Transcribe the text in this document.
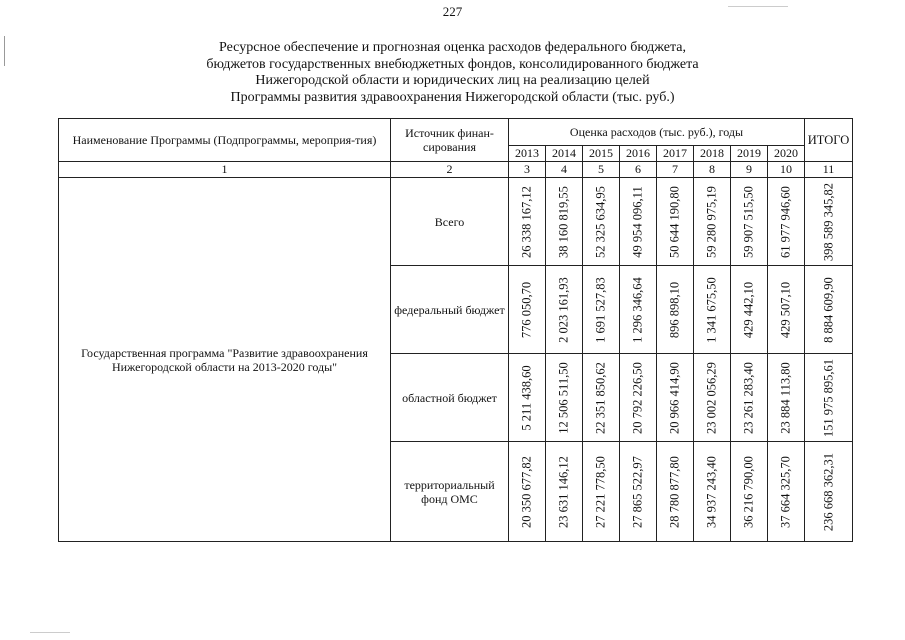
227
Ресурсное обеспечение и прогнозная оценка расходов федерального бюджета,
бюджетов государственных внебюджетных фондов, консолидированного бюджета
Нижегородской области и юридических лиц на реализацию целей
Программы развития здравоохранения Нижегородской области (тыс. руб.)
Наименование Программы (Подпрограммы, мероприя-тия)	Источник финан-сирования	Оценка расходов (тыс. руб.), годы								ИТОГО
		2013	2014	2015	2016	2017	2018	2019	2020	
1	2	3	4	5	6	7	8	9	10	11
Государственная программа "Развитие здравоохранения Нижегородской области на 2013-2020 годы"	Всего	26 338 167,12	38 160 819,55	52 325 634,95	49 954 096,11	50 644 190,80	59 280 975,19	59 907 515,50	61 977 946,60	398 589 345,82

	федеральный бюджет	776 050,70	2 023 161,93	1 691 527,83	1 296 346,64	896 898,10	1 341 675,50	429 442,10	429 507,10	8 884 609,90

	областной бюджет	5 211 438,60	12 506 511,50	22 351 850,62	20 792 226,50	20 966 414,90	23 002 056,29	23 261 283,40	23 884 113,80	151 975 895,61

	территориальный фонд ОМС	20 350 677,82	23 631 146,12	27 221 778,50	27 865 522,97	28 780 877,80	34 937 243,40	36 216 790,00	37 664 325,70	236 668 362,31
